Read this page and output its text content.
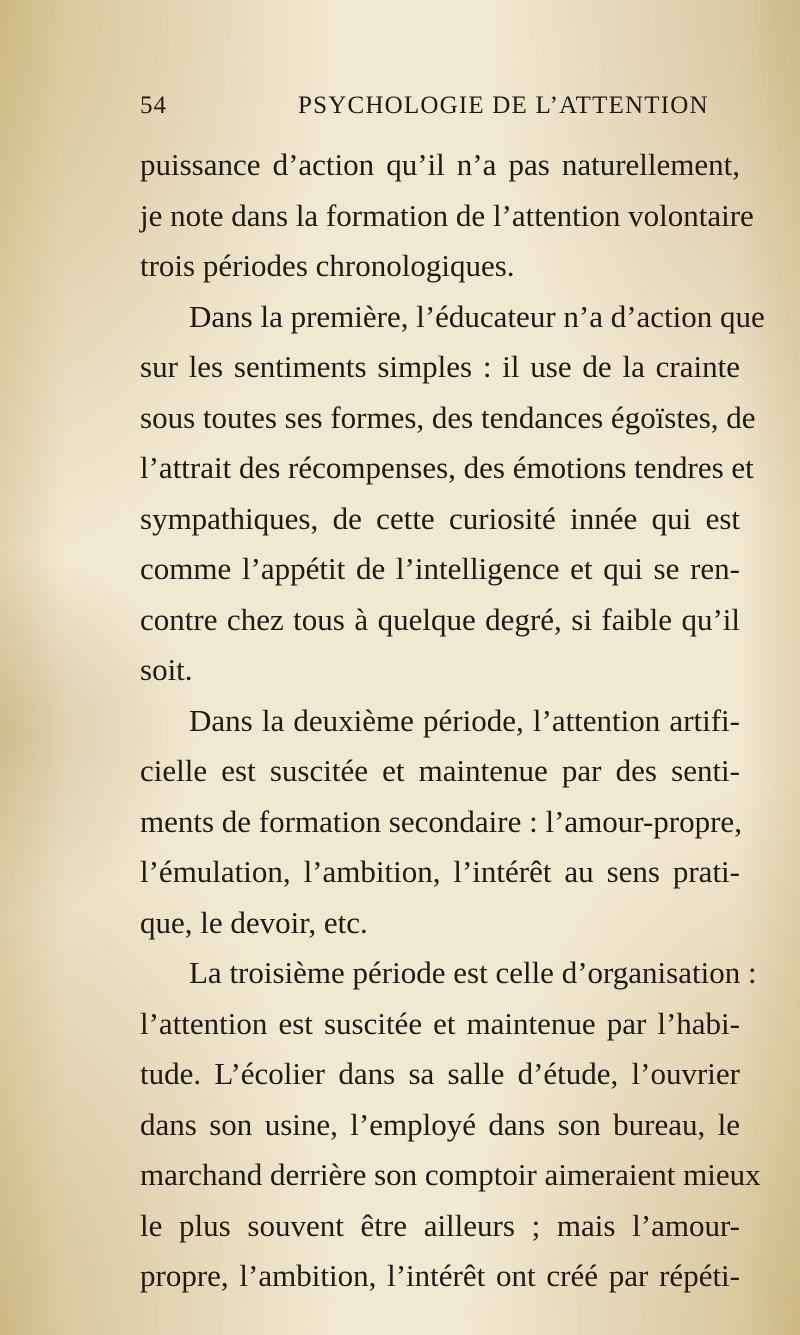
54	PSYCHOLOGIE DE L’ATTENTION
puissance d’action qu’il n’a pas naturellement,
je note dans la formation de l’attention volontaire
trois périodes chronologiques.
Dans la première, l’éducateur n’a d’action que
sur les sentiments simples : il use de la crainte
sous toutes ses formes, des tendances égoïstes, de
l’attrait des récompenses, des émotions tendres et
sympathiques, de cette curiosité innée qui est
comme l’appétit de l’intelligence et qui se ren-
contre chez tous à quelque degré, si faible qu’il
soit.
Dans la deuxième période, l’attention artifi-
cielle est suscitée et maintenue par des senti-
ments de formation secondaire : l’amour-propre,
l’émulation, l’ambition, l’intérêt au sens prati-
que, le devoir, etc.
La troisième période est celle d’organisation :
l’attention est suscitée et maintenue par l’habi-
tude. L’écolier dans sa salle d’étude, l’ouvrier
dans son usine, l’employé dans son bureau, le
marchand derrière son comptoir aimeraient mieux
le plus souvent être ailleurs ; mais l’amour-
propre, l’ambition, l’intérêt ont créé par répéti-
